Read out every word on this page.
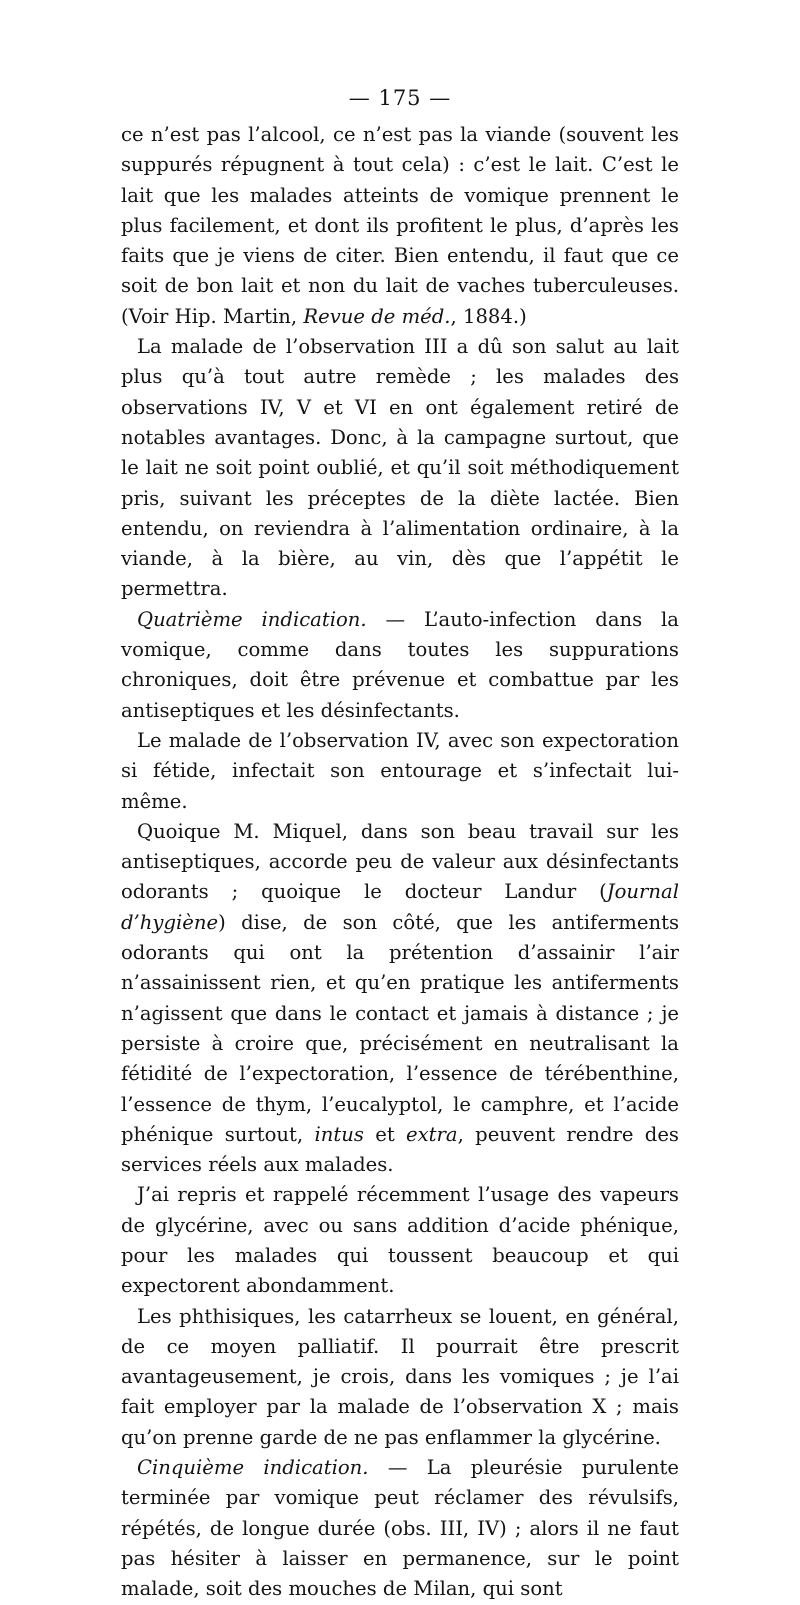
— 175 —

ce n’est pas l’alcool, ce n’est pas la viande (souvent les suppurés répugnent à tout cela) : c’est le lait. C’est le lait que les malades atteints de vomique prennent le plus facilement, et dont ils profitent le plus, d’après les faits que je viens de citer. Bien entendu, il faut que ce soit de bon lait et non du lait de vaches tuberculeuses. (Voir Hip. Martin, Revue de méd., 1884.)

La malade de l’observation III a dû son salut au lait plus qu’à tout autre remède ; les malades des observations IV, V et VI en ont également retiré de notables avantages. Donc, à la campagne surtout, que le lait ne soit point oublié, et qu’il soit méthodiquement pris, suivant les préceptes de la diète lactée. Bien entendu, on reviendra à l’alimentation ordinaire, à la viande, à la bière, au vin, dès que l’appétit le permettra.

Quatrième indication. — L’auto-infection dans la vomique, comme dans toutes les suppurations chroniques, doit être prévenue et combattue par les antiseptiques et les désinfectants.

Le malade de l’observation IV, avec son expectoration si fétide, infectait son entourage et s’infectait lui-même.

Quoique M. Miquel, dans son beau travail sur les antiseptiques, accorde peu de valeur aux désinfectants odorants ; quoique le docteur Landur (Journal d’hygiène) dise, de son côté, que les antiferments odorants qui ont la prétention d’assainir l’air n’assainissent rien, et qu’en pratique les antiferments n’agissent que dans le contact et jamais à distance ; je persiste à croire que, précisément en neutralisant la fétidité de l’expectoration, l’essence de térébenthine, l’essence de thym, l’eucalyptol, le camphre, et l’acide phénique surtout, intus et extra, peuvent rendre des services réels aux malades.

J’ai repris et rappelé récemment l’usage des vapeurs de glycérine, avec ou sans addition d’acide phénique, pour les malades qui toussent beaucoup et qui expectorent abondamment.

Les phthisiques, les catarrheux se louent, en général, de ce moyen palliatif. Il pourrait être prescrit avantageusement, je crois, dans les vomiques ; je l’ai fait employer par la malade de l’observation X ; mais qu’on prenne garde de ne pas enflammer la glycérine.

Cinquième indication. — La pleurésie purulente terminée par vomique peut réclamer des révulsifs, répétés, de longue durée (obs. III, IV) ; alors il ne faut pas hésiter à laisser en permanence, sur le point malade, soit des mouches de Milan, qui sont
